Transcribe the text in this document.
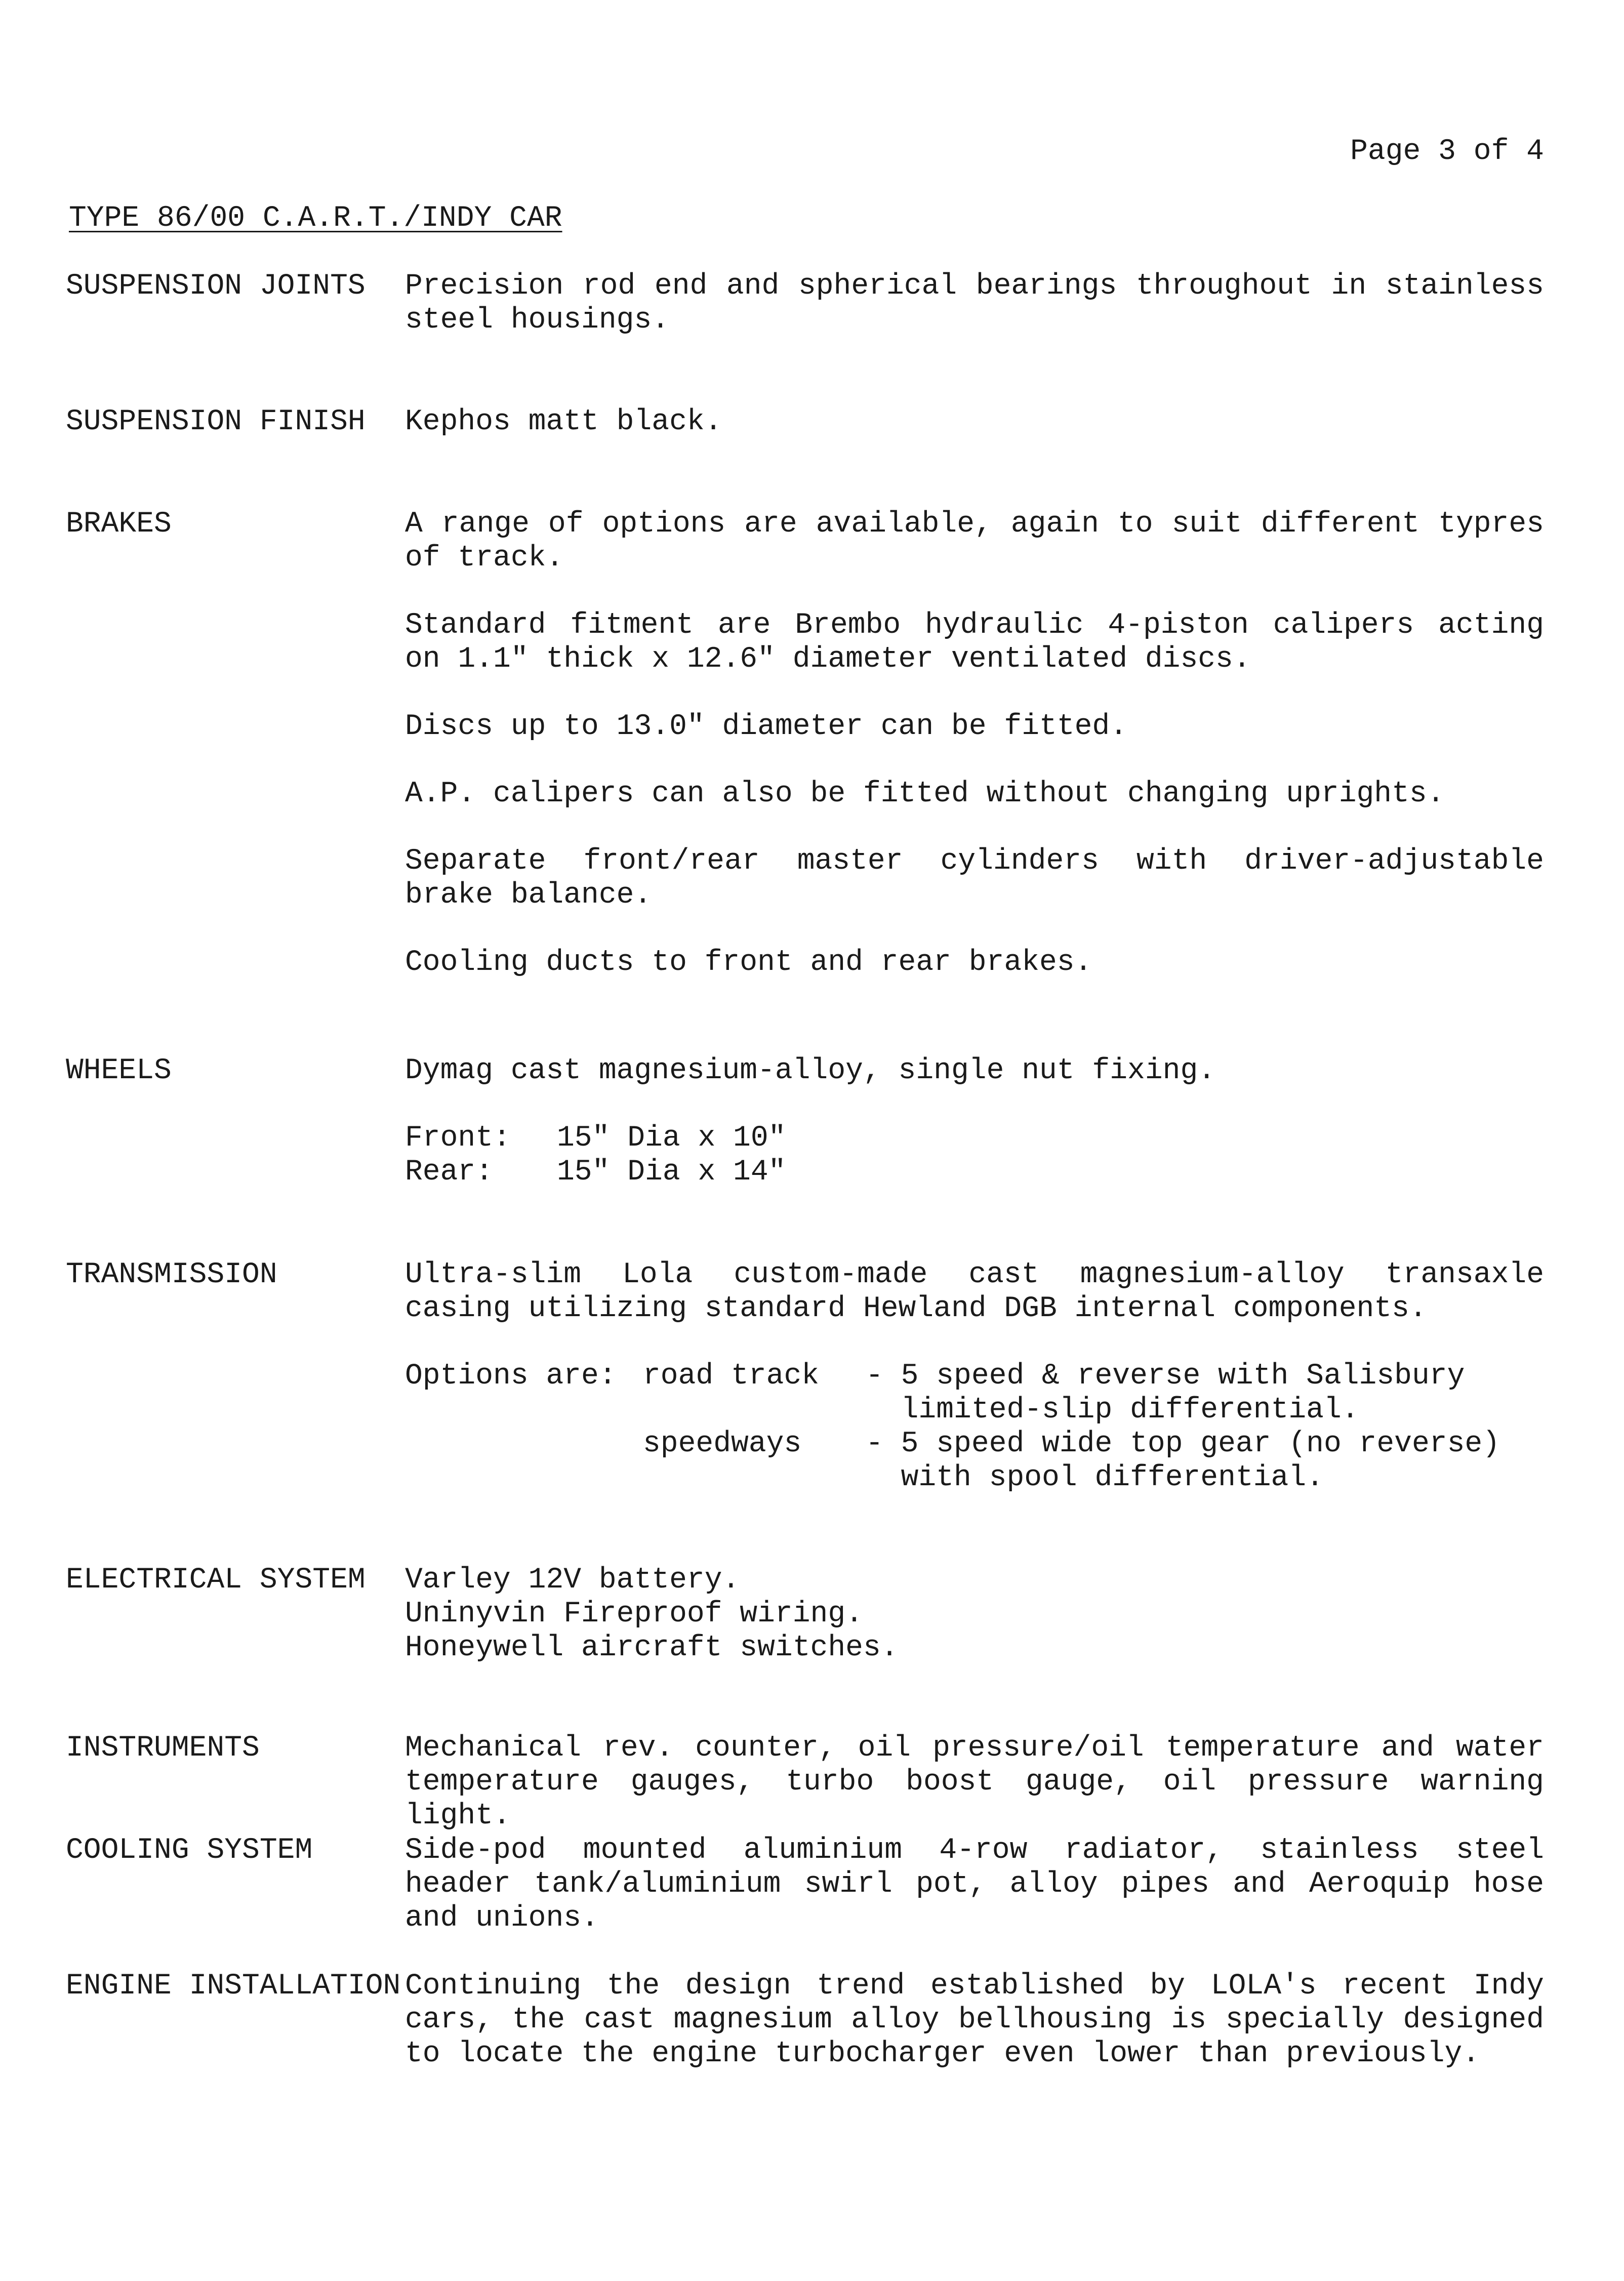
Page 3 of 4
TYPE 86/00 C.A.R.T./INDY CAR
SUSPENSION JOINTS Precision rod end and spherical bearings throughout in stainless steel housings.

SUSPENSION FINISH Kephos matt black.

BRAKES	A range of options are available, again to suit different typres of track.

Standard fitment are Brembo hydraulic 4-piston calipers acting on 1.1" thick x 12.6" diameter ventilated discs.

Discs up to 13.0" diameter can be fitted.

A.P. calipers can also be fitted without changing uprights.

Separate front/rear master cylinders with driver-adjustable brake balance.

Cooling ducts to front and rear brakes.

WHEELS	Dymag cast magnesium-alloy, single nut fixing.

Front:	15" Dia x 10"
Rear:	15" Dia x 14"
TRANSMISSION	Ultra-slim Lola custom-made cast magnesium-alloy transaxle casing utilizing standard Hewland DGB internal components.

Options are: road track	- 5 speed & reverse with Salisbury
limited-slip differential.
speedways	- 5 speed wide top gear (no reverse)
with spool differential.
ELECTRICAL SYSTEM Varley 12V battery.
Uninyvin Fireproof wiring.
Honeywell aircraft switches.
INSTRUMENTS	Mechanical rev. counter, oil pressure/oil temperature and water temperature gauges, turbo boost gauge, oil pressure warning light.

COOLING SYSTEM	Side-pod mounted aluminium 4-row radiator, stainless steel header tank/aluminium swirl pot, alloy pipes and Aeroquip hose and unions.

ENGINE INSTALLATION Continuing the design trend established by LOLA's recent Indy cars, the cast magnesium alloy bellhousing is specially designed to locate the engine turbocharger even lower than previously.
